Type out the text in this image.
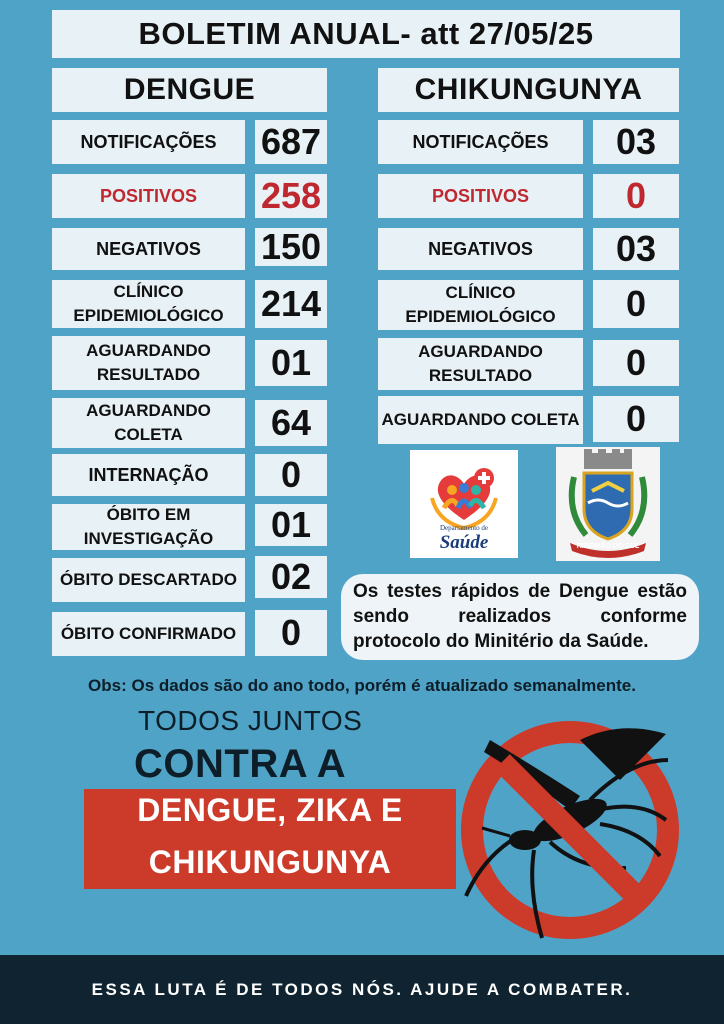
BOLETIM ANUAL- att 27/05/25
DENGUE	CHIKUNGUNYA
NOTIFICAÇÕES	687
POSITIVOS	258
NEGATIVOS	150
CLÍNICO EPIDEMIOLÓGICO	214
AGUARDANDO RESULTADO	01
AGUARDANDO COLETA	64
INTERNAÇÃO	0
ÓBITO EM INVESTIGAÇÃO	01
ÓBITO DESCARTADO 02
ÓBITO CONFIRMADO	0
NOTIFICAÇÕES	03
POSITIVOS	0
NEGATIVOS	03
CLÍNICO EPIDEMIOLÓGICO	0
AGUARDANDO RESULTADO	0
AGUARDANDO COLETA	0
Departamento de
Saúde	RIBEIRÃO DO SUL
Os testes rápidos de Dengue estão sendo realizados conforme protocolo do Minitério da Saúde.
Obs: Os dados são do ano todo, porém é atualizado semanalmente.
TODOS JUNTOS
CONTRA A
DENGUE, ZIKA E
CHIKUNGUNYA
ESSA LUTA É DE TODOS NÓS. AJUDE A COMBATER.
